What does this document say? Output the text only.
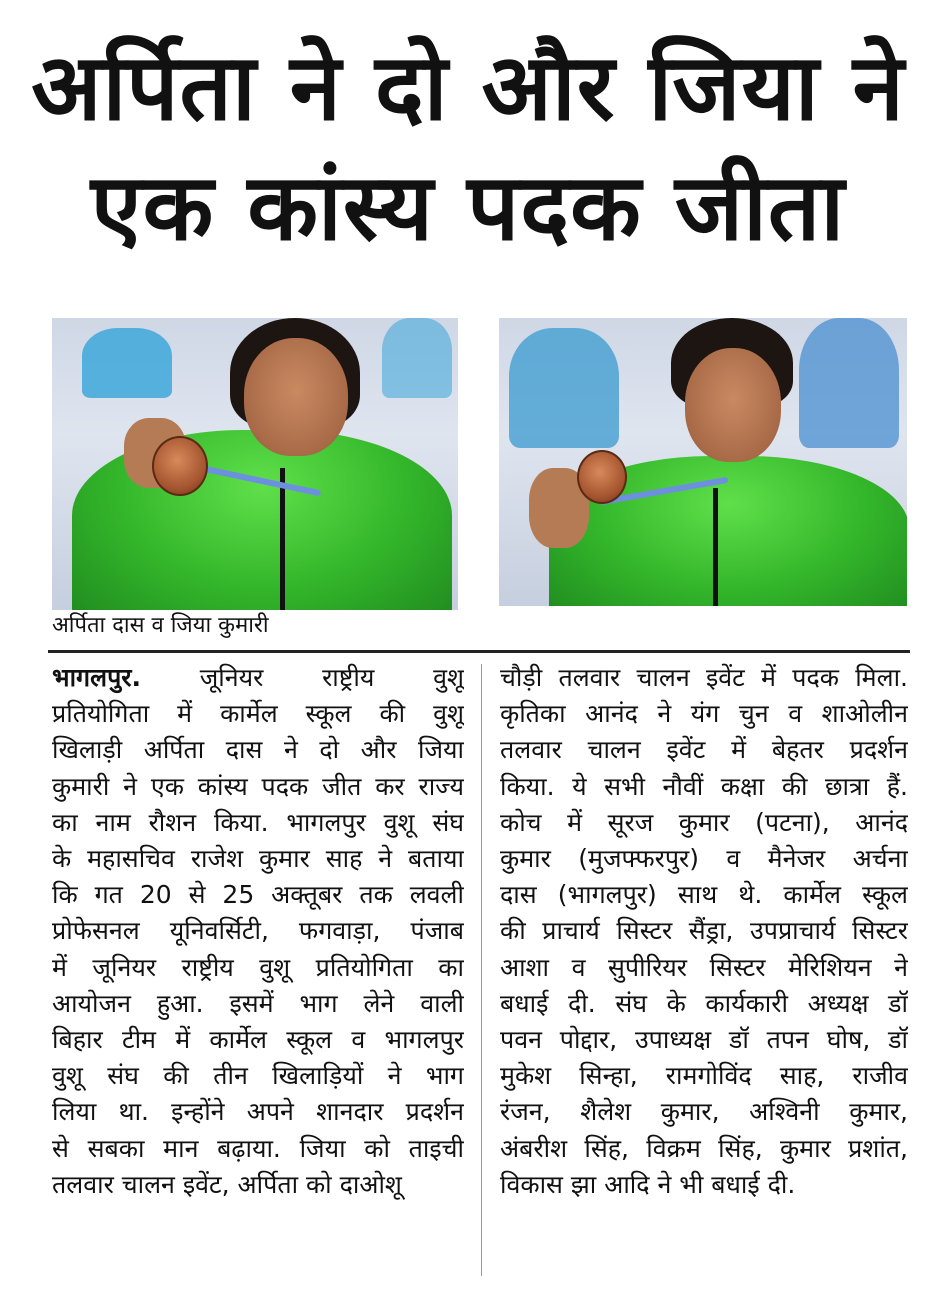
अर्पिता ने दो और जिया ने
एक कांस्य पदक जीता
अर्पिता दास व जिया कुमारी
भागलपुर. जूनियर राष्ट्रीय वुशू
प्रतियोगिता में कार्मेल स्कूल की वुशू
खिलाड़ी अर्पिता दास ने दो और जिया
कुमारी ने एक कांस्य पदक जीत कर राज्य
का नाम रौशन किया. भागलपुर वुशू संघ
के महासचिव राजेश कुमार साह ने बताया
कि गत 20 से 25 अक्तूबर तक लवली
प्रोफेसनल यूनिवर्सिटी, फगवाड़ा, पंजाब
में जूनियर राष्ट्रीय वुशू प्रतियोगिता का
आयोजन हुआ. इसमें भाग लेने वाली
बिहार टीम में कार्मेल स्कूल व भागलपुर
वुशू संघ की तीन खिलाड़ियों ने भाग
लिया था. इन्होंने अपने शानदार प्रदर्शन
से सबका मान बढ़ाया. जिया को ताइची
तलवार चालन इवेंट, अर्पिता को दाओशू
चौड़ी तलवार चालन इवेंट में पदक मिला.
कृतिका आनंद ने यंग चुन व शाओलीन
तलवार चालन इवेंट में बेहतर प्रदर्शन
किया. ये सभी नौवीं कक्षा की छात्रा हैं.
कोच में सूरज कुमार (पटना), आनंद
कुमार (मुजफ्फरपुर) व मैनेजर अर्चना
दास (भागलपुर) साथ थे. कार्मेल स्कूल
की प्राचार्य सिस्टर सैंड्रा, उपप्राचार्य सिस्टर
आशा व सुपीरियर सिस्टर मेरिशियन ने
बधाई दी. संघ के कार्यकारी अध्यक्ष डॉ
पवन पोद्दार, उपाध्यक्ष डॉ तपन घोष, डॉ
मुकेश सिन्हा, रामगोविंद साह, राजीव
रंजन, शैलेश कुमार, अश्विनी कुमार,
अंबरीश सिंह, विक्रम सिंह, कुमार प्रशांत,
विकास झा आदि ने भी बधाई दी.
